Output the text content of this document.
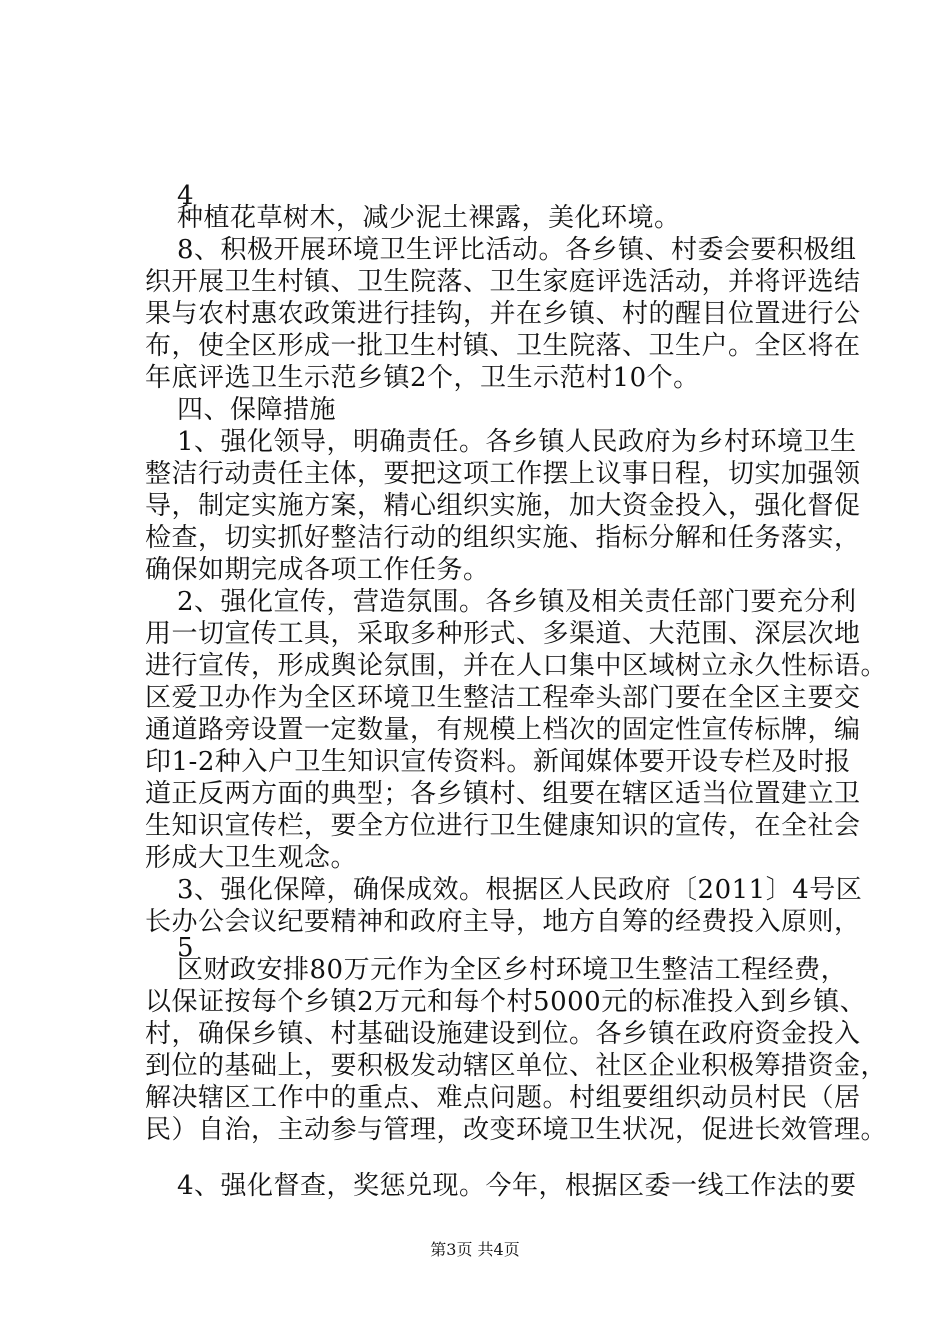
4
种植花草树木，减少泥土裸露，美化环境。
8、积极开展环境卫生评比活动。各乡镇、村委会要积极组
织开展卫生村镇、卫生院落、卫生家庭评选活动，并将评选结
果与农村惠农政策进行挂钩，并在乡镇、村的醒目位置进行公
布，使全区形成一批卫生村镇、卫生院落、卫生户。全区将在
年底评选卫生示范乡镇2个，卫生示范村10个。
四、保障措施
1、强化领导，明确责任。各乡镇人民政府为乡村环境卫生
整洁行动责任主体，要把这项工作摆上议事日程，切实加强领
导，制定实施方案，精心组织实施，加大资金投入，强化督促
检查，切实抓好整洁行动的组织实施、指标分解和任务落实，
确保如期完成各项工作任务。
2、强化宣传，营造氛围。各乡镇及相关责任部门要充分利
用一切宣传工具，采取多种形式、多渠道、大范围、深层次地
进行宣传，形成舆论氛围，并在人口集中区域树立永久性标语。
区爱卫办作为全区环境卫生整洁工程牵头部门要在全区主要交
通道路旁设置一定数量，有规模上档次的固定性宣传标牌，编
印1-2种入户卫生知识宣传资料。新闻媒体要开设专栏及时报
道正反两方面的典型；各乡镇村、组要在辖区适当位置建立卫
生知识宣传栏，要全方位进行卫生健康知识的宣传，在全社会
形成大卫生观念。
3、强化保障，确保成效。根据区人民政府〔2011〕4号区
长办公会议纪要精神和政府主导，地方自筹的经费投入原则，
5
区财政安排80万元作为全区乡村环境卫生整洁工程经费，
以保证按每个乡镇2万元和每个村5000元的标准投入到乡镇、
村，确保乡镇、村基础设施建设到位。各乡镇在政府资金投入
到位的基础上，要积极发动辖区单位、社区企业积极筹措资金，
解决辖区工作中的重点、难点问题。村组要组织动员村民（居
民）自治，主动参与管理，改变环境卫生状况，促进长效管理。
4、强化督查，奖惩兑现。今年，根据区委一线工作法的要
第3页 共4页
